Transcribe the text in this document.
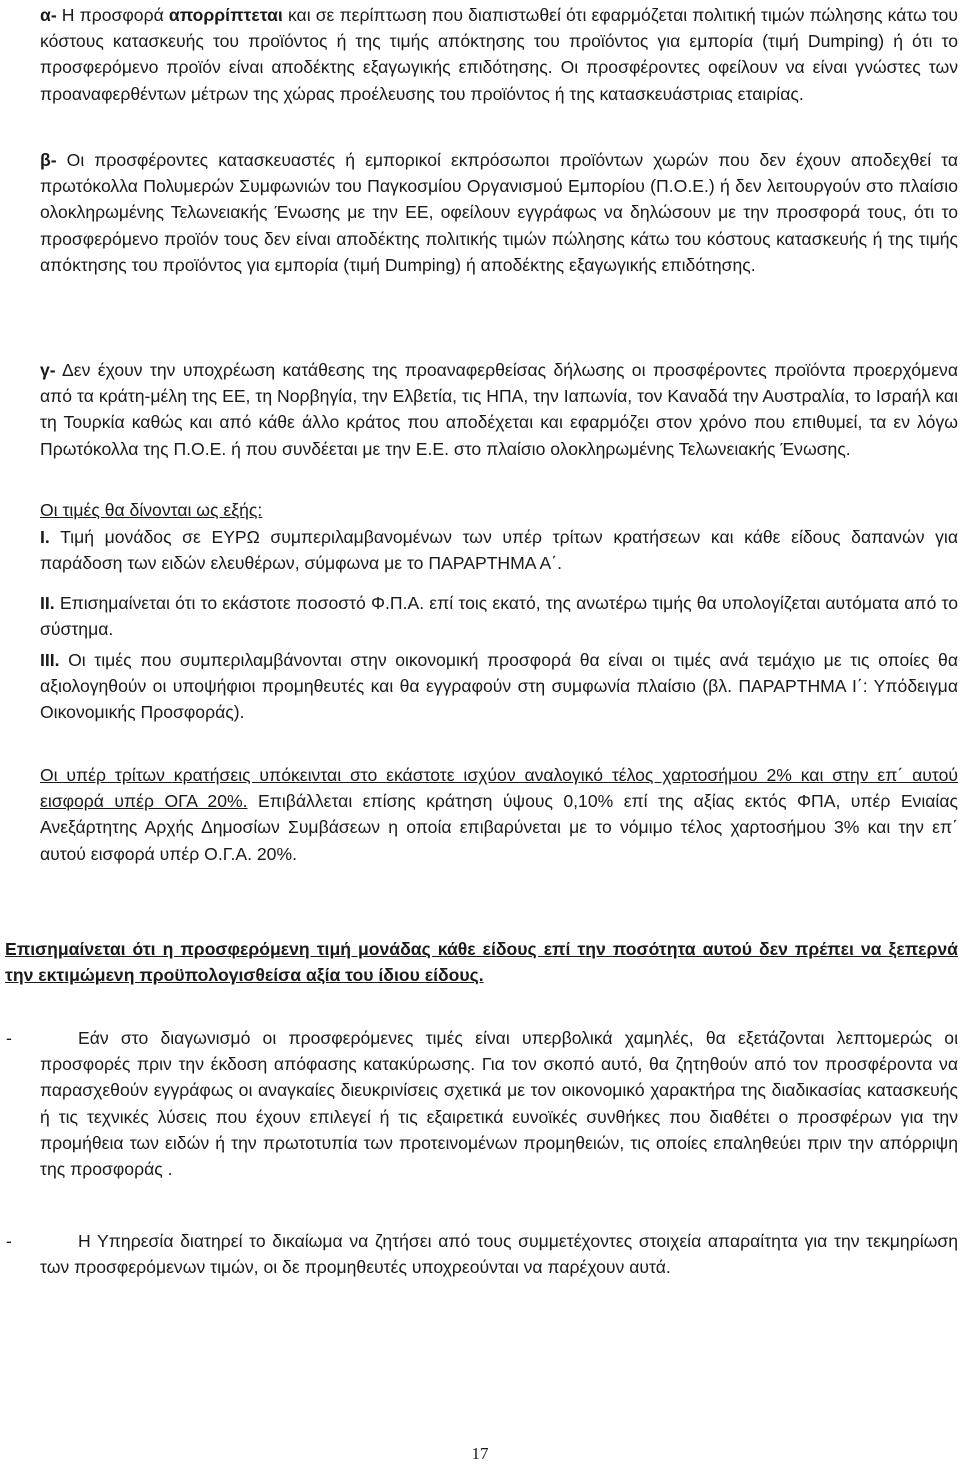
α- Η προσφορά απορρίπτεται και σε περίπτωση που διαπιστωθεί ότι εφαρμόζεται πολιτική τιμών πώλησης κάτω του κόστους κατασκευής του προϊόντος ή της τιμής απόκτησης του προϊόντος για εμπορία (τιμή Dumping) ή ότι το προσφερόμενο προϊόν είναι αποδέκτης εξαγωγικής επιδότησης. Οι προσφέροντες οφείλουν να είναι γνώστες των προαναφερθέντων μέτρων της χώρας προέλευσης του προϊόντος ή της κατασκευάστριας εταιρίας.

β- Οι προσφέροντες κατασκευαστές ή εμπορικοί εκπρόσωποι προϊόντων χωρών που δεν έχουν αποδεχθεί τα πρωτόκολλα Πολυμερών Συμφωνιών του Παγκοσμίου Οργανισμού Εμπορίου (Π.Ο.Ε.) ή δεν λειτουργούν στο πλαίσιο ολοκληρωμένης Τελωνειακής Ένωσης με την ΕΕ, οφείλουν εγγράφως να δηλώσουν με την προσφορά τους, ότι το προσφερόμενο προϊόν τους δεν είναι αποδέκτης πολιτικής τιμών πώλησης κάτω του κόστους κατασκευής ή της τιμής απόκτησης του προϊόντος για εμπορία (τιμή Dumping) ή αποδέκτης εξαγωγικής επιδότησης.

γ- Δεν έχουν την υποχρέωση κατάθεσης της προαναφερθείσας δήλωσης οι προσφέροντες προϊόντα προερχόμενα από τα κράτη-μέλη της ΕΕ, τη Νορβηγία, την Ελβετία, τις ΗΠΑ, την Ιαπωνία, τον Καναδά την Αυστραλία, το Ισραήλ και τη Τουρκία καθώς και από κάθε άλλο κράτος που αποδέχεται και εφαρμόζει στον χρόνο που επιθυμεί, τα εν λόγω Πρωτόκολλα της Π.Ο.Ε. ή που συνδέεται με την Ε.Ε. στο πλαίσιο ολοκληρωμένης Τελωνειακής Ένωσης.

Οι τιμές θα δίνονται ως εξής:

Ι. Τιμή μονάδος σε ΕΥΡΩ συμπεριλαμβανομένων των υπέρ τρίτων κρατήσεων και κάθε είδους δαπανών για παράδοση των ειδών ελευθέρων, σύμφωνα με το ΠΑΡΑΡΤΗΜΑ Α΄.

ΙΙ. Επισημαίνεται ότι το εκάστοτε ποσοστό Φ.Π.Α. επί τοις εκατό, της ανωτέρω τιμής θα υπολογίζεται αυτόματα από το σύστημα.

ΙΙΙ. Οι τιμές που συμπεριλαμβάνονται στην οικονομική προσφορά θα είναι οι τιμές ανά τεμάχιο με τις οποίες θα αξιολογηθούν οι υποψήφιοι προμηθευτές και θα εγγραφούν στη συμφωνία πλαίσιο (βλ. ΠΑΡΑΡΤΗΜΑ Ι΄: Υπόδειγμα Οικονομικής Προσφοράς).

Οι υπέρ τρίτων κρατήσεις υπόκεινται στο εκάστοτε ισχύον αναλογικό τέλος χαρτοσήμου 2% και στην επ΄ αυτού εισφορά υπέρ ΟΓΑ 20%. Επιβάλλεται επίσης κράτηση ύψους 0,10% επί της αξίας εκτός ΦΠΑ, υπέρ Ενιαίας Ανεξάρτητης Αρχής Δημοσίων Συμβάσεων η οποία επιβαρύνεται με το νόμιμο τέλος χαρτοσήμου 3% και την επ΄ αυτού εισφορά υπέρ Ο.Γ.Α. 20%.

Επισημαίνεται ότι η προσφερόμενη τιμή μονάδας κάθε είδους επί την ποσότητα αυτού δεν πρέπει να ξεπερνά την εκτιμώμενη προϋπολογισθείσα αξία του ίδιου είδους.

-	Εάν στο διαγωνισμό οι προσφερόμενες τιμές είναι υπερβολικά χαμηλές, θα εξετάζονται λεπτομερώς οι προσφορές πριν την έκδοση απόφασης κατακύρωσης. Για τον σκοπό αυτό, θα ζητηθούν από τον προσφέροντα να παρασχεθούν εγγράφως οι αναγκαίες διευκρινίσεις σχετικά με τον οικονομικό χαρακτήρα της διαδικασίας κατασκευής ή τις τεχνικές λύσεις που έχουν επιλεγεί ή τις εξαιρετικά ευνοϊκές συνθήκες που διαθέτει ο προσφέρων για την προμήθεια των ειδών ή την πρωτοτυπία των προτεινομένων προμηθειών, τις οποίες επαληθεύει πριν την απόρριψη της προσφοράς .
-	Η Υπηρεσία διατηρεί το δικαίωμα να ζητήσει από τους συμμετέχοντες στοιχεία απαραίτητα για την τεκμηρίωση των προσφερόμενων τιμών, οι δε προμηθευτές υποχρεούνται να παρέχουν αυτά.
17
